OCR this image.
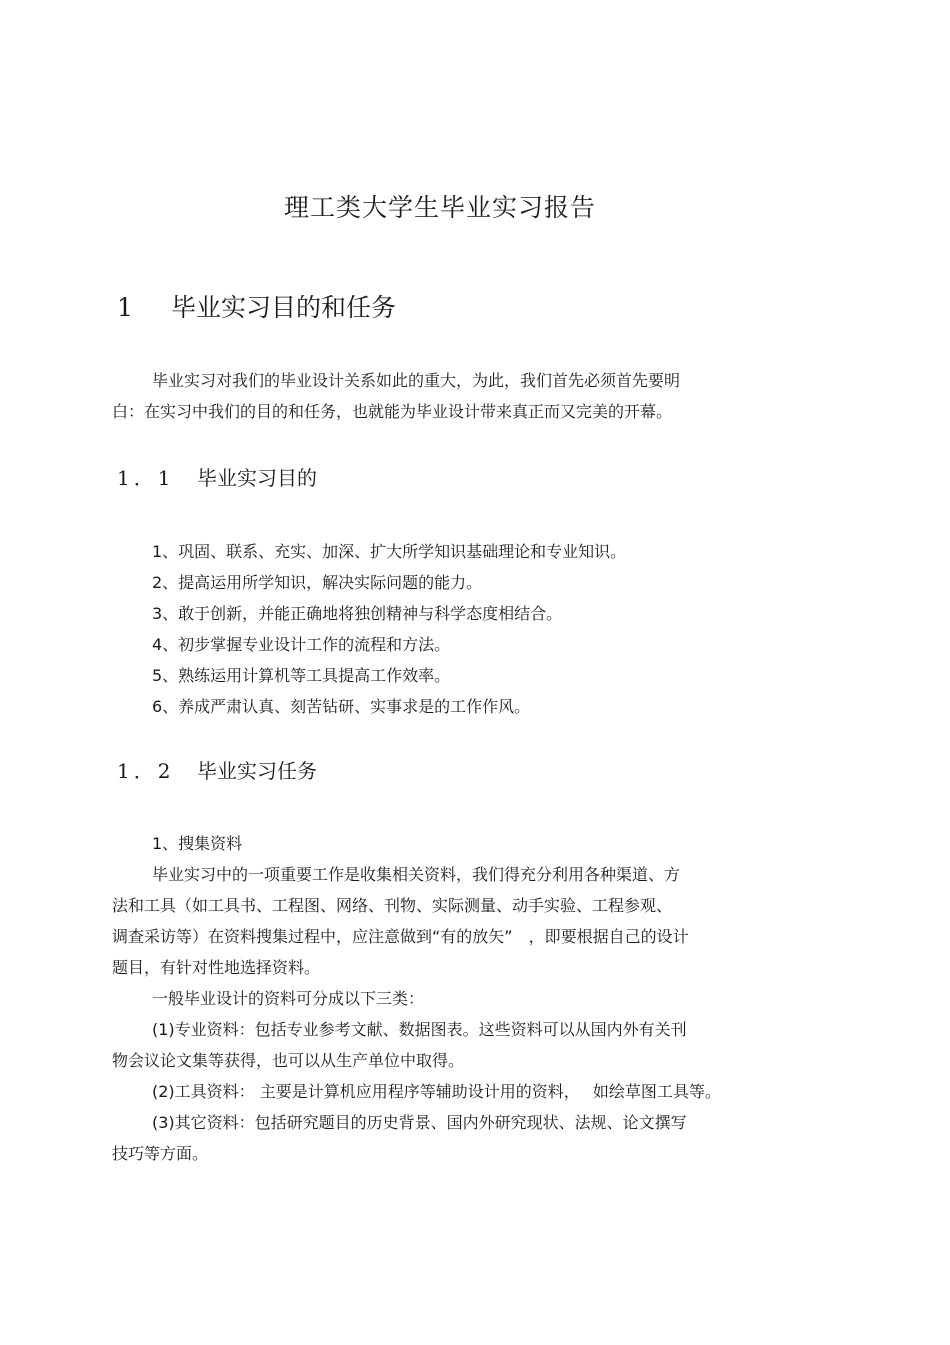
理工类大学生毕业实习报告
1 毕业实习目的和任务
毕业实习对我们的毕业设计关系如此的重大，为此，我们首先必须首先要明
白：在实习中我们的目的和任务，也就能为毕业设计带来真正而又完美的开幕。
1．1 毕业实习目的
1、巩固、联系、充实、加深、扩大所学知识基础理论和专业知识。
2、提高运用所学知识，解决实际问题的能力。
3、敢于创新，并能正确地将独创精神与科学态度相结合。
4、初步掌握专业设计工作的流程和方法。
5、熟练运用计算机等工具提高工作效率。
6、养成严肃认真、刻苦钻研、实事求是的工作作风。
1．2 毕业实习任务
1、搜集资料
毕业实习中的一项重要工作是收集相关资料，我们得充分利用各种渠道、方
法和工具（如工具书、工程图、网络、刊物、实际测量、动手实验、工程参观、
调查采访等）在资料搜集过程中，应注意做到“有的放矢”　，即要根据自己的设计
题目，有针对性地选择资料。
一般毕业设计的资料可分成以下三类：
(1)专业资料：包括专业参考文献、数据图表。这些资料可以从国内外有关刊
物会议论文集等获得，也可以从生产单位中取得。
(2)工具资料： 主要是计算机应用程序等辅助设计用的资料，　 如绘草图工具等。
(3)其它资料：包括研究题目的历史背景、国内外研究现状、法规、论文撰写
技巧等方面。
